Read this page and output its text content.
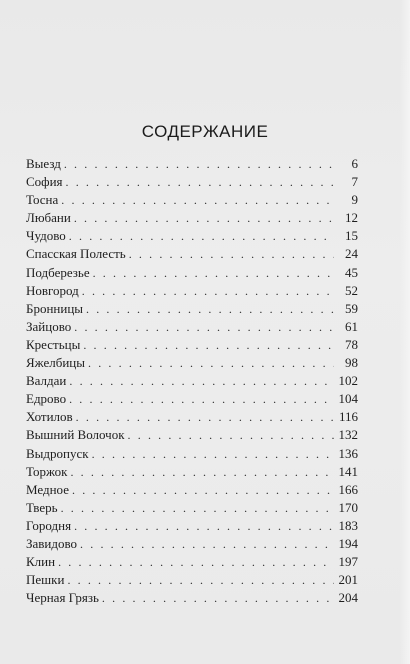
СОДЕРЖАНИЕ
Выезд . . .	6
София . . .	7
Тосна . . .	9
Любани . . .	12
Чудово . . .	15
Спасская Полесть . . .	24
Подберезье . . .	45
Новгород . . .	52
Бронницы . . .	59
Зайцово . . .	61
Крестьцы . . .	78
Яжелбицы . . .	98
Валдаи . . .	102
Едрово . . .	104
Хотилов . . .	116
Вышний Волочок . . .	132
Выдропуск . . .	136
Торжок . . .	141
Медное . . .	166
Тверь . . .	170
Городня . . .	183
Завидово . . .	194
Клин . . .	197
Пешки . . .	201
Черная Грязь . . .	204
